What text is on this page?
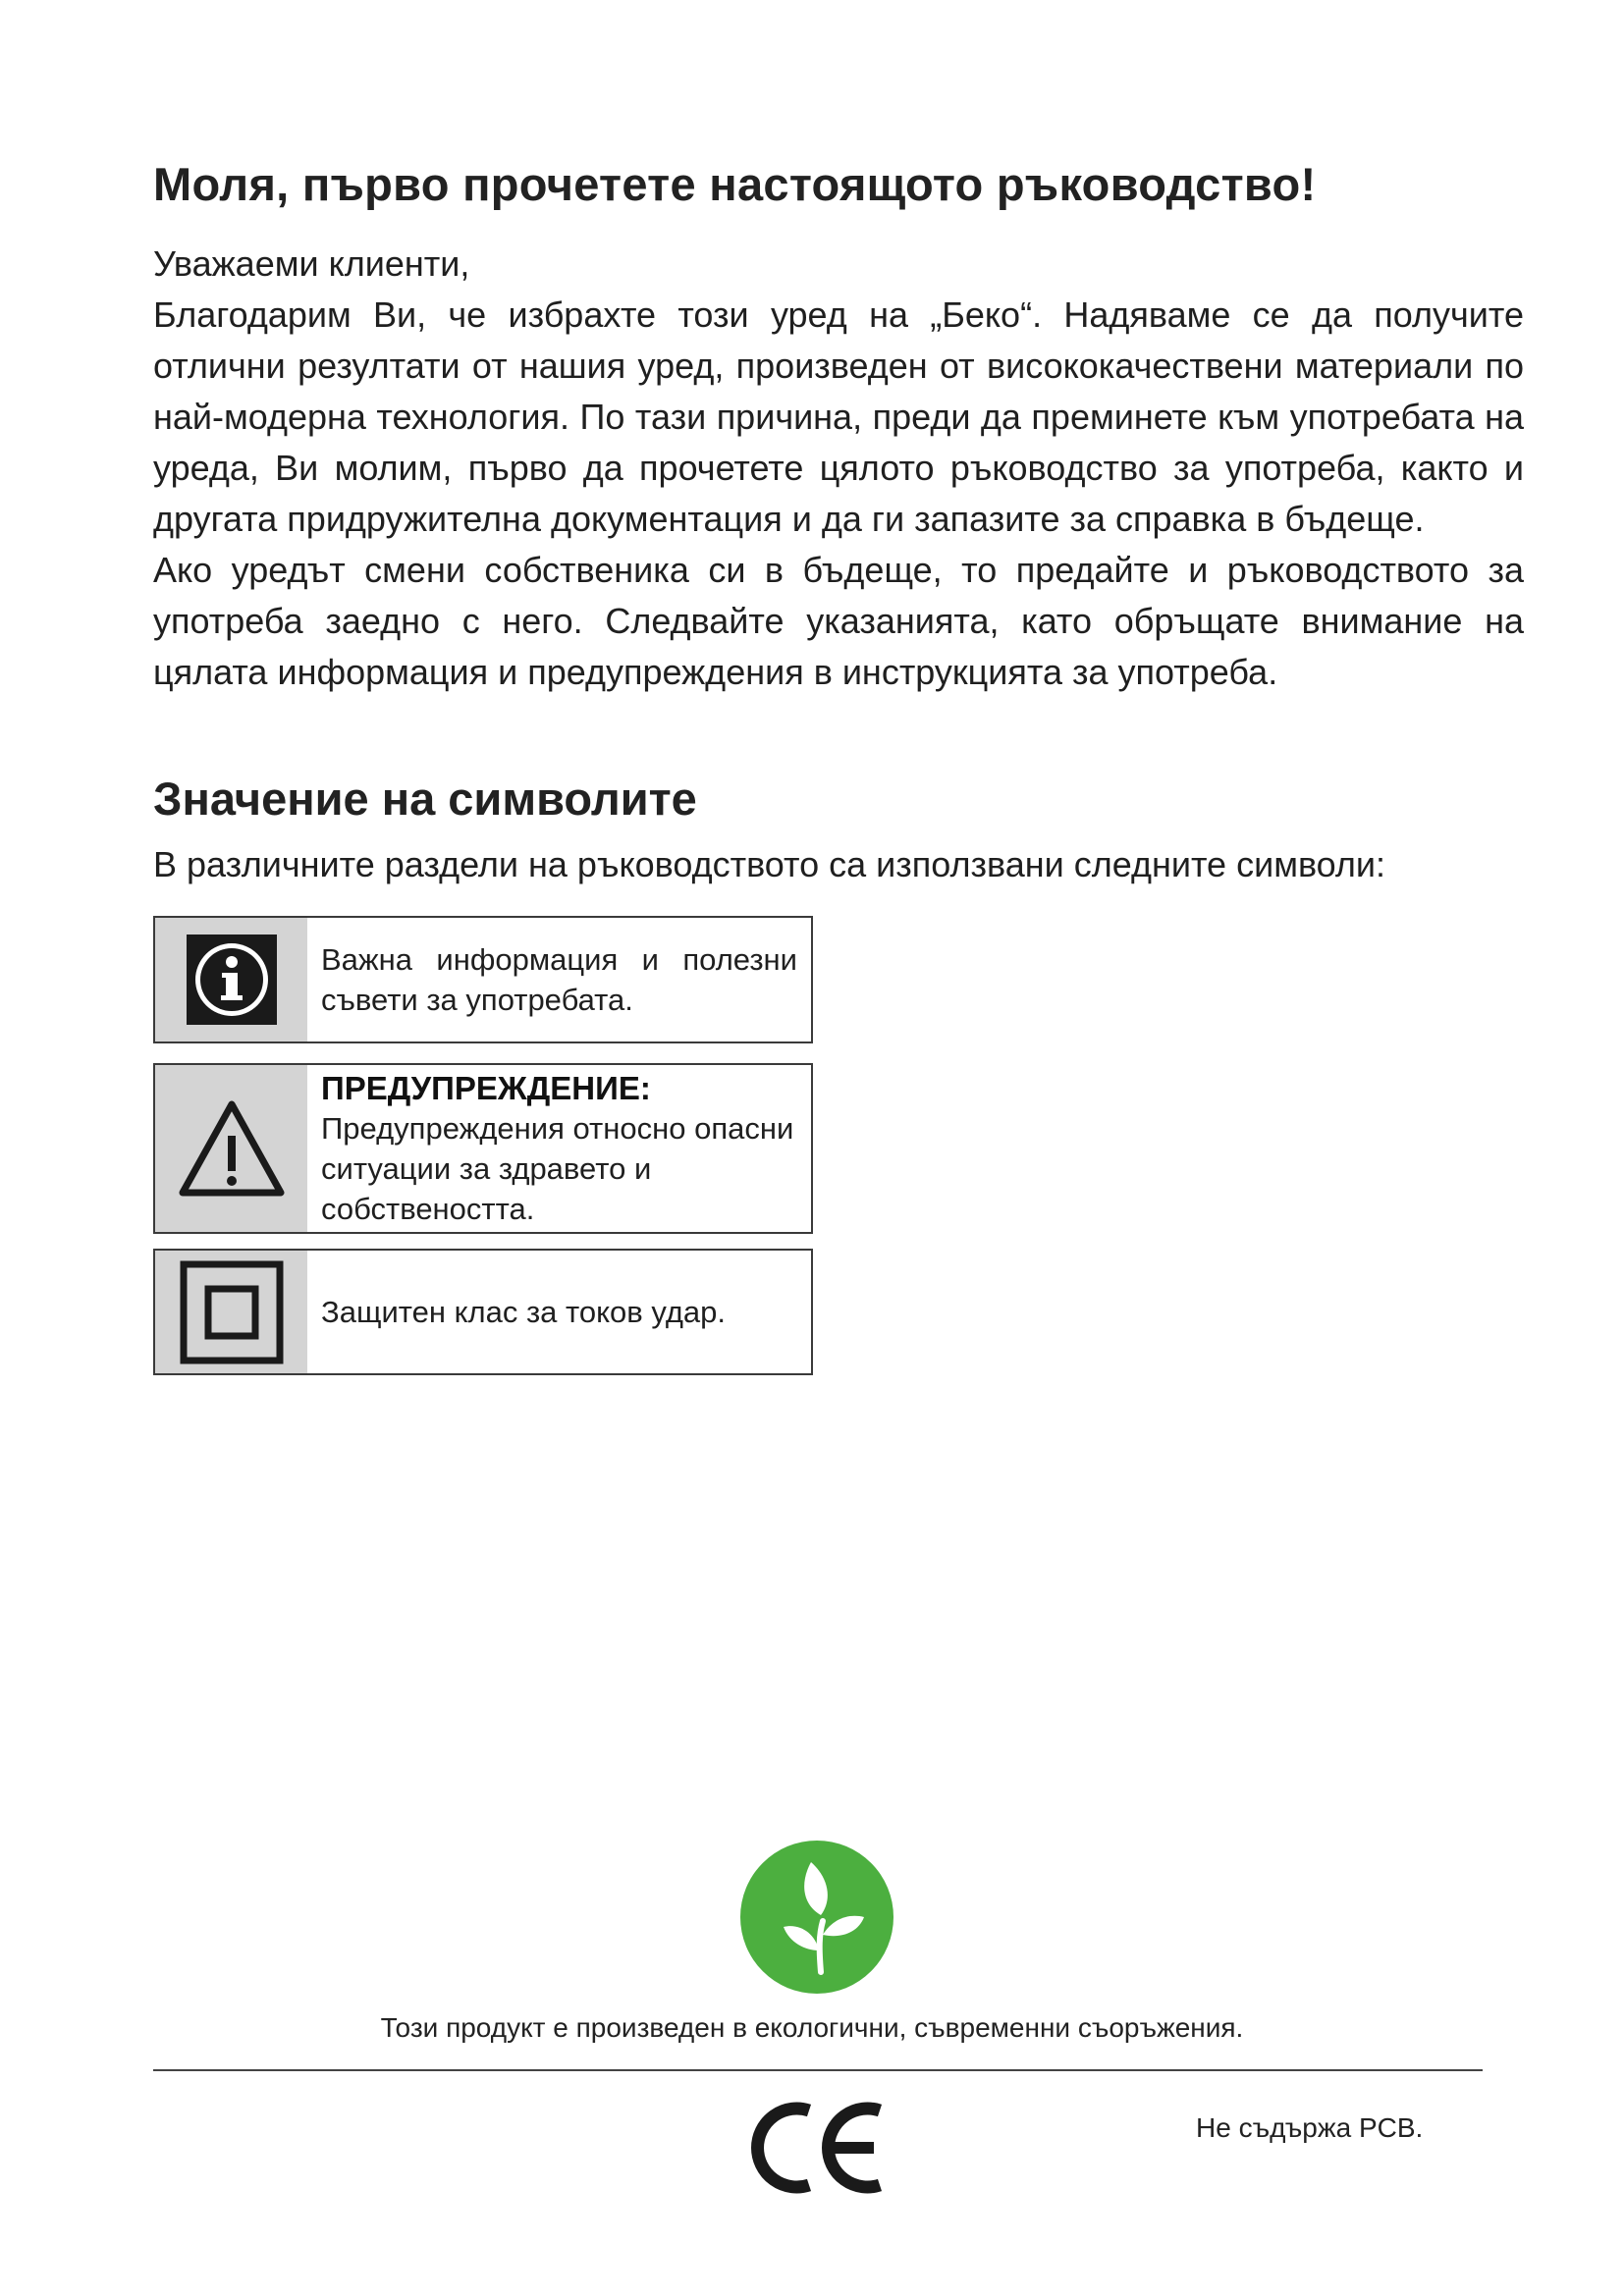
Моля, първо прочетете настоящото ръководство!

Уважаеми клиенти,

Благодарим Ви, че избрахте този уред на „Беко“. Надяваме се да получите отлични резултати от нашия уред, произведен от висококачествени материали по най-модерна технология. По тази причина, преди да преминете към употребата на уреда, Ви молим, първо да прочетете цялото ръководство за употреба, както и другата придружителна документация и да ги запазите за справка в бъдеще.

Ако уредът смени собственика си в бъдеще, то предайте и ръководството за употреба заедно с него. Следвайте указанията, като обръщате внимание на цялата информация и предупреждения в инструкцията за употреба.

Значение на символите

В различните раздели на ръководството са използвани следните символи:

Важна информация и полезни съвети за употребата.
ПРЕДУПРЕЖДЕНИЕ:
Предупреждения относно опасни ситуации за здравето и собствеността.
Защитен клас за токов удар.

Този продукт е произведен в екологични, съвременни съоръжения.

Не съдържа PCB.
